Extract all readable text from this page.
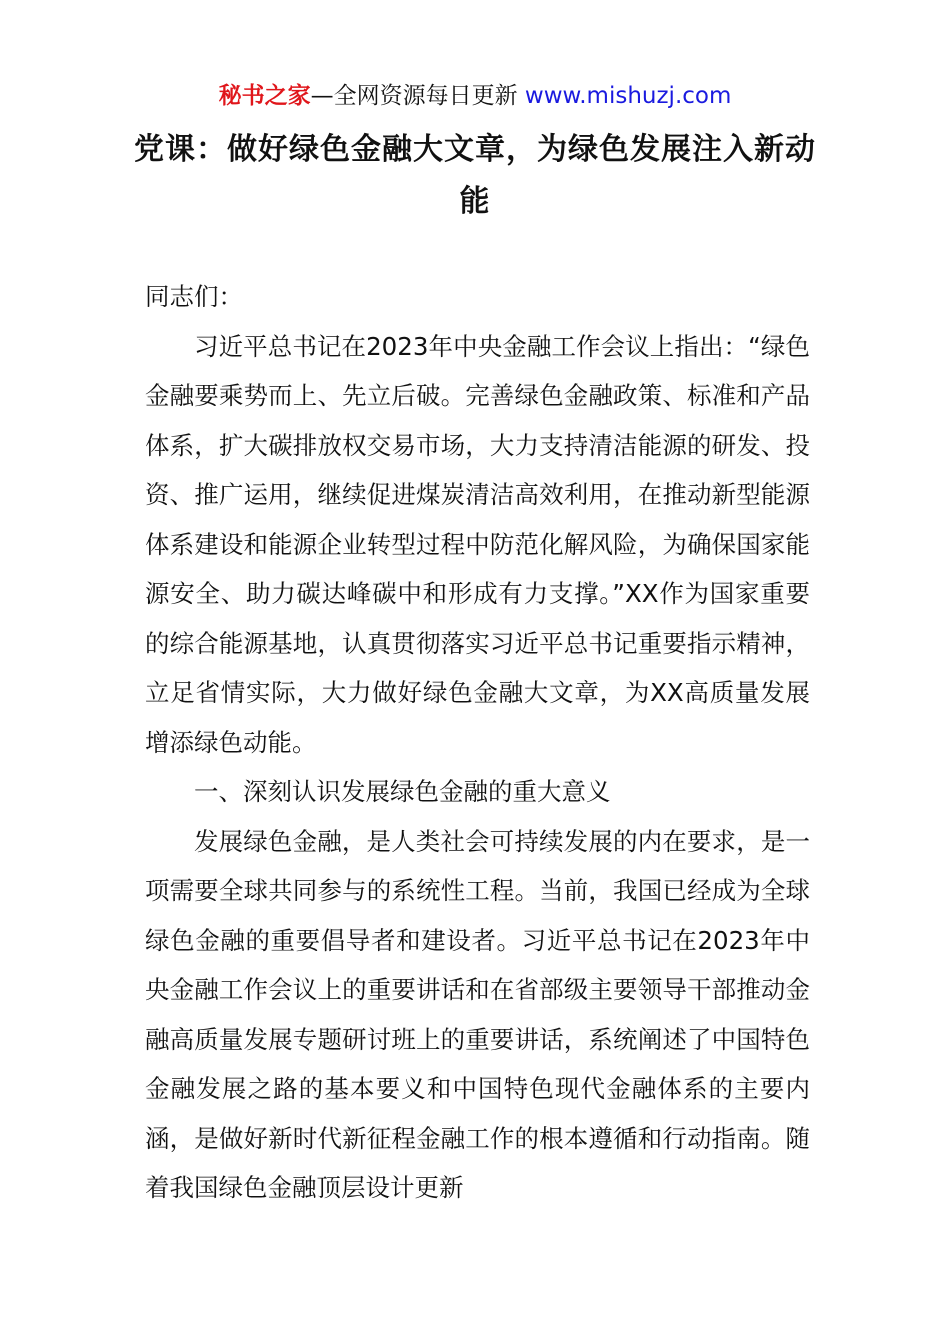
秘书之家—全网资源每日更新 www.mishuzj.com
党课：做好绿色金融大文章，为绿色发展注入新动能

同志们：

习近平总书记在2023年中央金融工作会议上指出：“绿色金融要乘势而上、先立后破。完善绿色金融政策、标准和产品体系，扩大碳排放权交易市场，大力支持清洁能源的研发、投资、推广运用，继续促进煤炭清洁高效利用，在推动新型能源体系建设和能源企业转型过程中防范化解风险，为确保国家能源安全、助力碳达峰碳中和形成有力支撑。”XX作为国家重要的综合能源基地，认真贯彻落实习近平总书记重要指示精神，立足省情实际，大力做好绿色金融大文章，为XX高质量发展增添绿色动能。

一、深刻认识发展绿色金融的重大意义

发展绿色金融，是人类社会可持续发展的内在要求，是一项需要全球共同参与的系统性工程。当前，我国已经成为全球绿色金融的重要倡导者和建设者。习近平总书记在2023年中央金融工作会议上的重要讲话和在省部级主要领导干部推动金融高质量发展专题研讨班上的重要讲话，系统阐述了中国特色金融发展之路的基本要义和中国特色现代金融体系的主要内涵，是做好新时代新征程金融工作的根本遵循和行动指南。随着我国绿色金融顶层设计更新
